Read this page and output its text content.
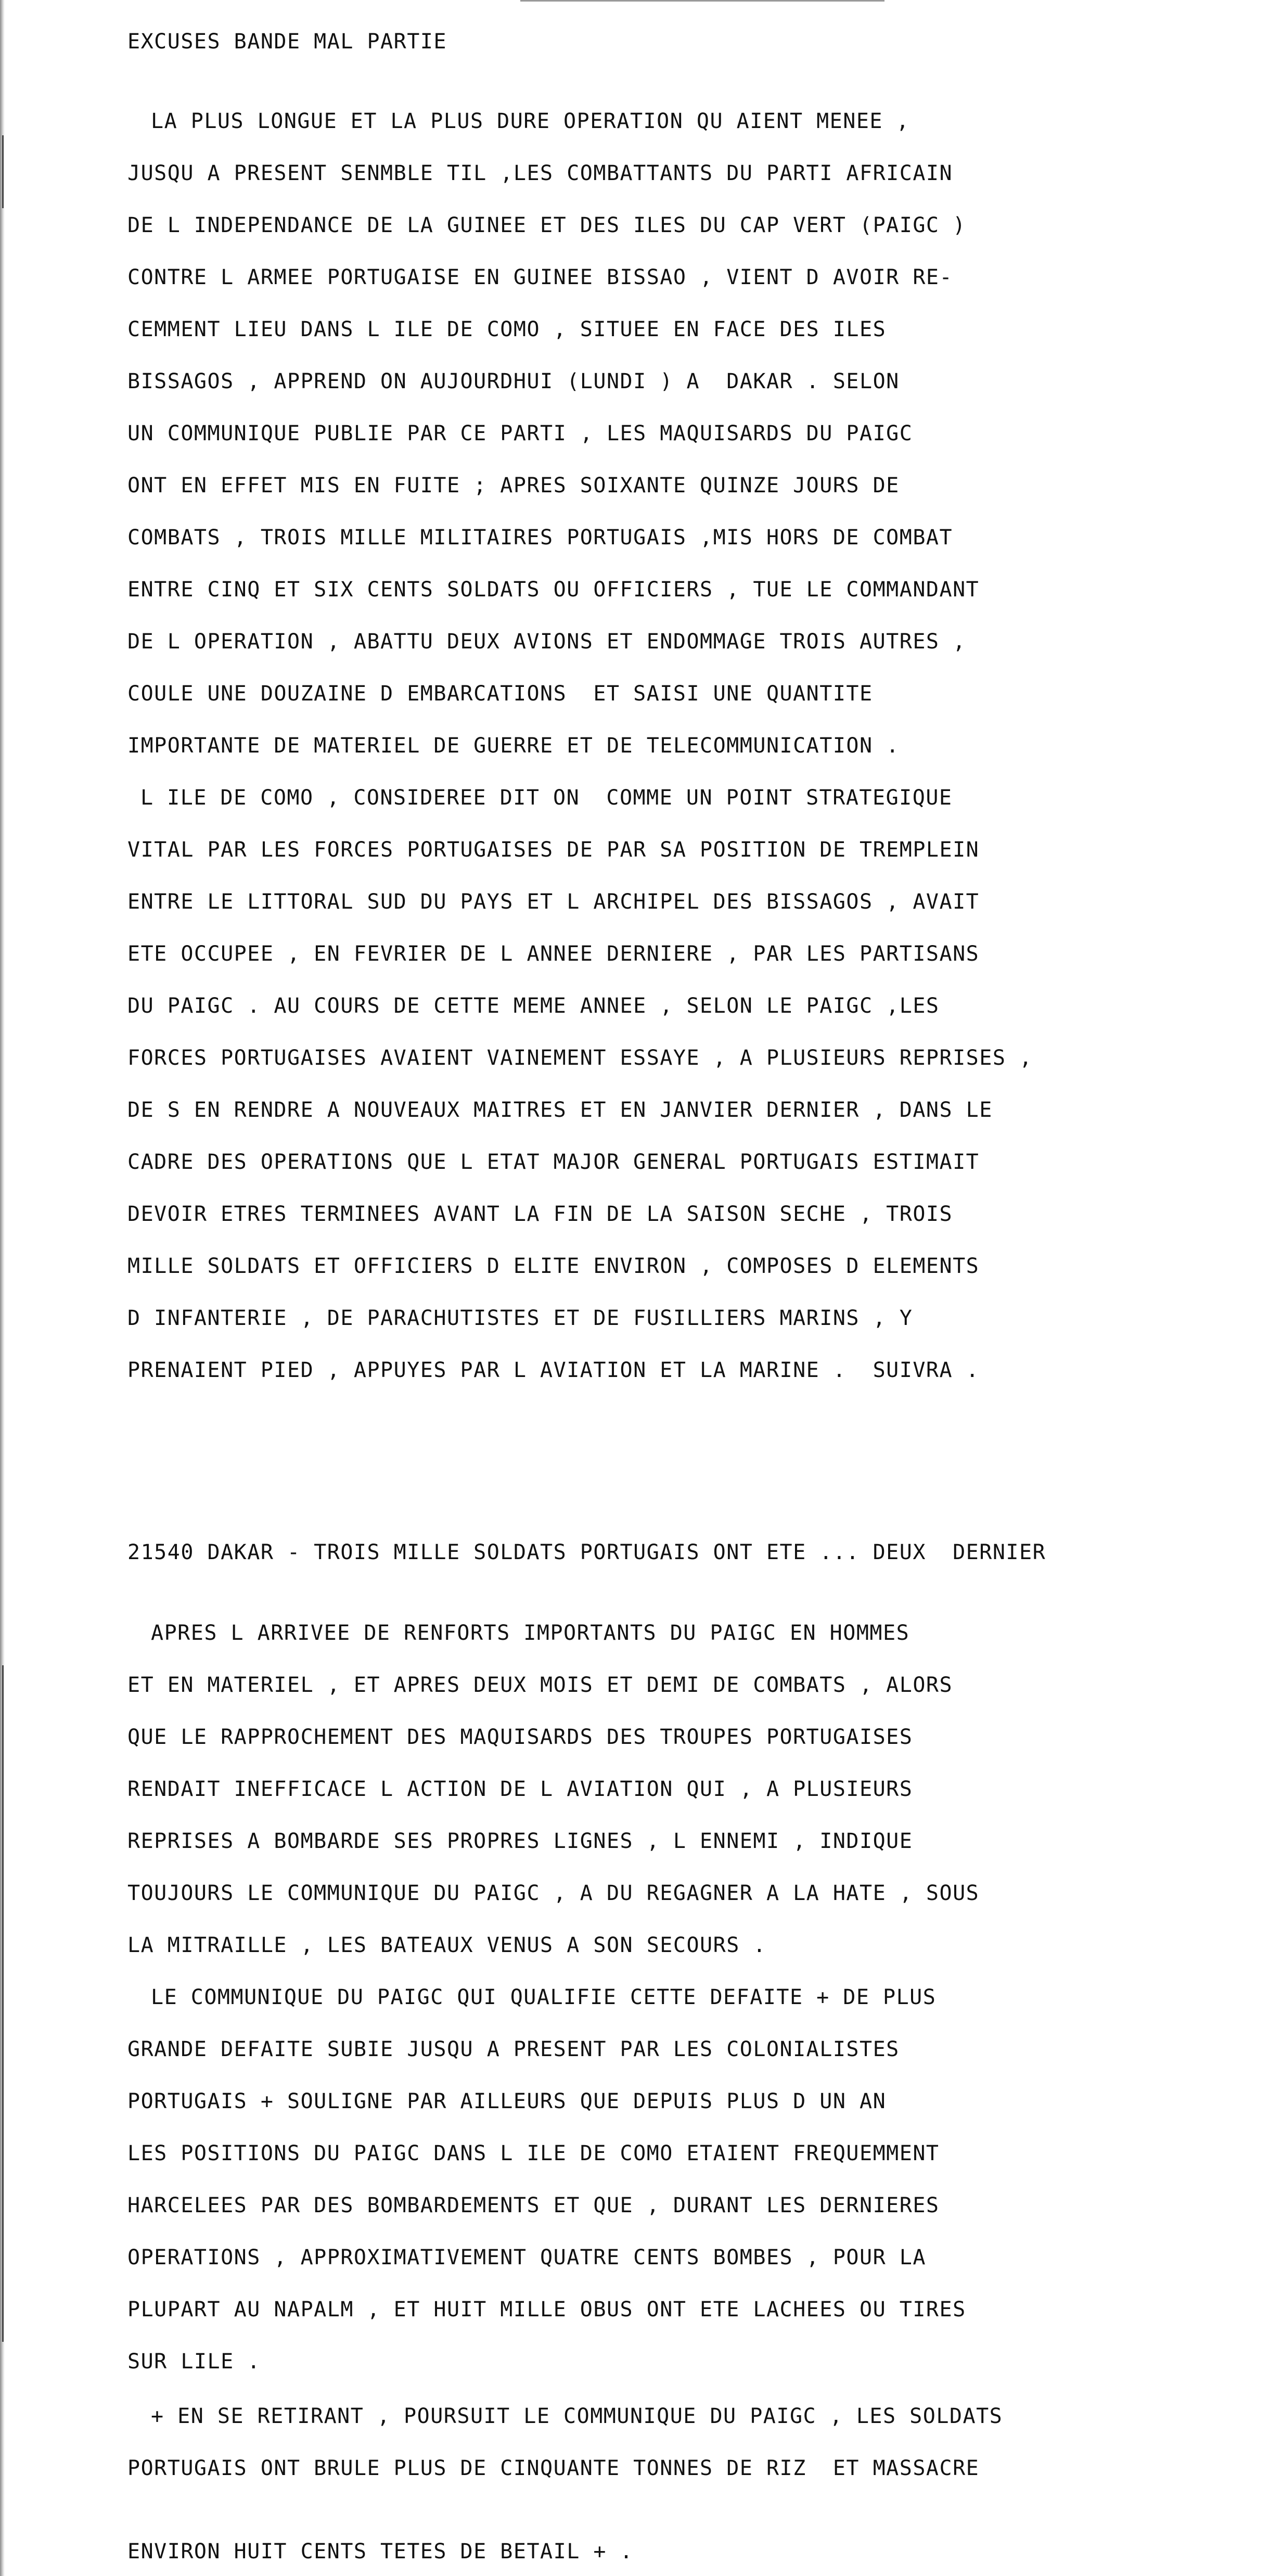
EXCUSES BANDE MAL PARTIE
LA PLUS LONGUE ET LA PLUS DURE OPERATION QU AIENT MENEE ,
JUSQU A PRESENT SENMBLE TIL ,LES COMBATTANTS DU PARTI AFRICAIN
DE L INDEPENDANCE DE LA GUINEE ET DES ILES DU CAP VERT (PAIGC )
CONTRE L ARMEE PORTUGAISE EN GUINEE BISSAO , VIENT D AVOIR RE-
CEMMENT LIEU DANS L ILE DE COMO , SITUEE EN FACE DES ILES
BISSAGOS , APPREND ON AUJOURDHUI (LUNDI ) A  DAKAR . SELON
UN COMMUNIQUE PUBLIE PAR CE PARTI , LES MAQUISARDS DU PAIGC
ONT EN EFFET MIS EN FUITE ; APRES SOIXANTE QUINZE JOURS DE
COMBATS , TROIS MILLE MILITAIRES PORTUGAIS ,MIS HORS DE COMBAT
ENTRE CINQ ET SIX CENTS SOLDATS OU OFFICIERS , TUE LE COMMANDANT
DE L OPERATION , ABATTU DEUX AVIONS ET ENDOMMAGE TROIS AUTRES ,
COULE UNE DOUZAINE D EMBARCATIONS  ET SAISI UNE QUANTITE
IMPORTANTE DE MATERIEL DE GUERRE ET DE TELECOMMUNICATION .
L ILE DE COMO , CONSIDEREE DIT ON  COMME UN POINT STRATEGIQUE
VITAL PAR LES FORCES PORTUGAISES DE PAR SA POSITION DE TREMPLEIN
ENTRE LE LITTORAL SUD DU PAYS ET L ARCHIPEL DES BISSAGOS , AVAIT
ETE OCCUPEE , EN FEVRIER DE L ANNEE DERNIERE , PAR LES PARTISANS
DU PAIGC . AU COURS DE CETTE MEME ANNEE , SELON LE PAIGC ,LES
FORCES PORTUGAISES AVAIENT VAINEMENT ESSAYE , A PLUSIEURS REPRISES ,
DE S EN RENDRE A NOUVEAUX MAITRES ET EN JANVIER DERNIER , DANS LE
CADRE DES OPERATIONS QUE L ETAT MAJOR GENERAL PORTUGAIS ESTIMAIT
DEVOIR ETRES TERMINEES AVANT LA FIN DE LA SAISON SECHE , TROIS
MILLE SOLDATS ET OFFICIERS D ELITE ENVIRON , COMPOSES D ELEMENTS
D INFANTERIE , DE PARACHUTISTES ET DE FUSILLIERS MARINS , Y
PRENAIENT PIED , APPUYES PAR L AVIATION ET LA MARINE .  SUIVRA .
21540 DAKAR - TROIS MILLE SOLDATS PORTUGAIS ONT ETE ... DEUX  DERNIER
APRES L ARRIVEE DE RENFORTS IMPORTANTS DU PAIGC EN HOMMES
ET EN MATERIEL , ET APRES DEUX MOIS ET DEMI DE COMBATS , ALORS
QUE LE RAPPROCHEMENT DES MAQUISARDS DES TROUPES PORTUGAISES
RENDAIT INEFFICACE L ACTION DE L AVIATION QUI , A PLUSIEURS
REPRISES A BOMBARDE SES PROPRES LIGNES , L ENNEMI , INDIQUE
TOUJOURS LE COMMUNIQUE DU PAIGC , A DU REGAGNER A LA HATE , SOUS
LA MITRAILLE , LES BATEAUX VENUS A SON SECOURS .
LE COMMUNIQUE DU PAIGC QUI QUALIFIE CETTE DEFAITE + DE PLUS
GRANDE DEFAITE SUBIE JUSQU A PRESENT PAR LES COLONIALISTES
PORTUGAIS + SOULIGNE PAR AILLEURS QUE DEPUIS PLUS D UN AN
LES POSITIONS DU PAIGC DANS L ILE DE COMO ETAIENT FREQUEMMENT
HARCELEES PAR DES BOMBARDEMENTS ET QUE , DURANT LES DERNIERES
OPERATIONS , APPROXIMATIVEMENT QUATRE CENTS BOMBES , POUR LA
PLUPART AU NAPALM , ET HUIT MILLE OBUS ONT ETE LACHEES OU TIRES
SUR LILE .
+ EN SE RETIRANT , POURSUIT LE COMMUNIQUE DU PAIGC , LES SOLDATS
PORTUGAIS ONT BRULE PLUS DE CINQUANTE TONNES DE RIZ  ET MASSACRE
ENVIRON HUIT CENTS TETES DE BETAIL + .
